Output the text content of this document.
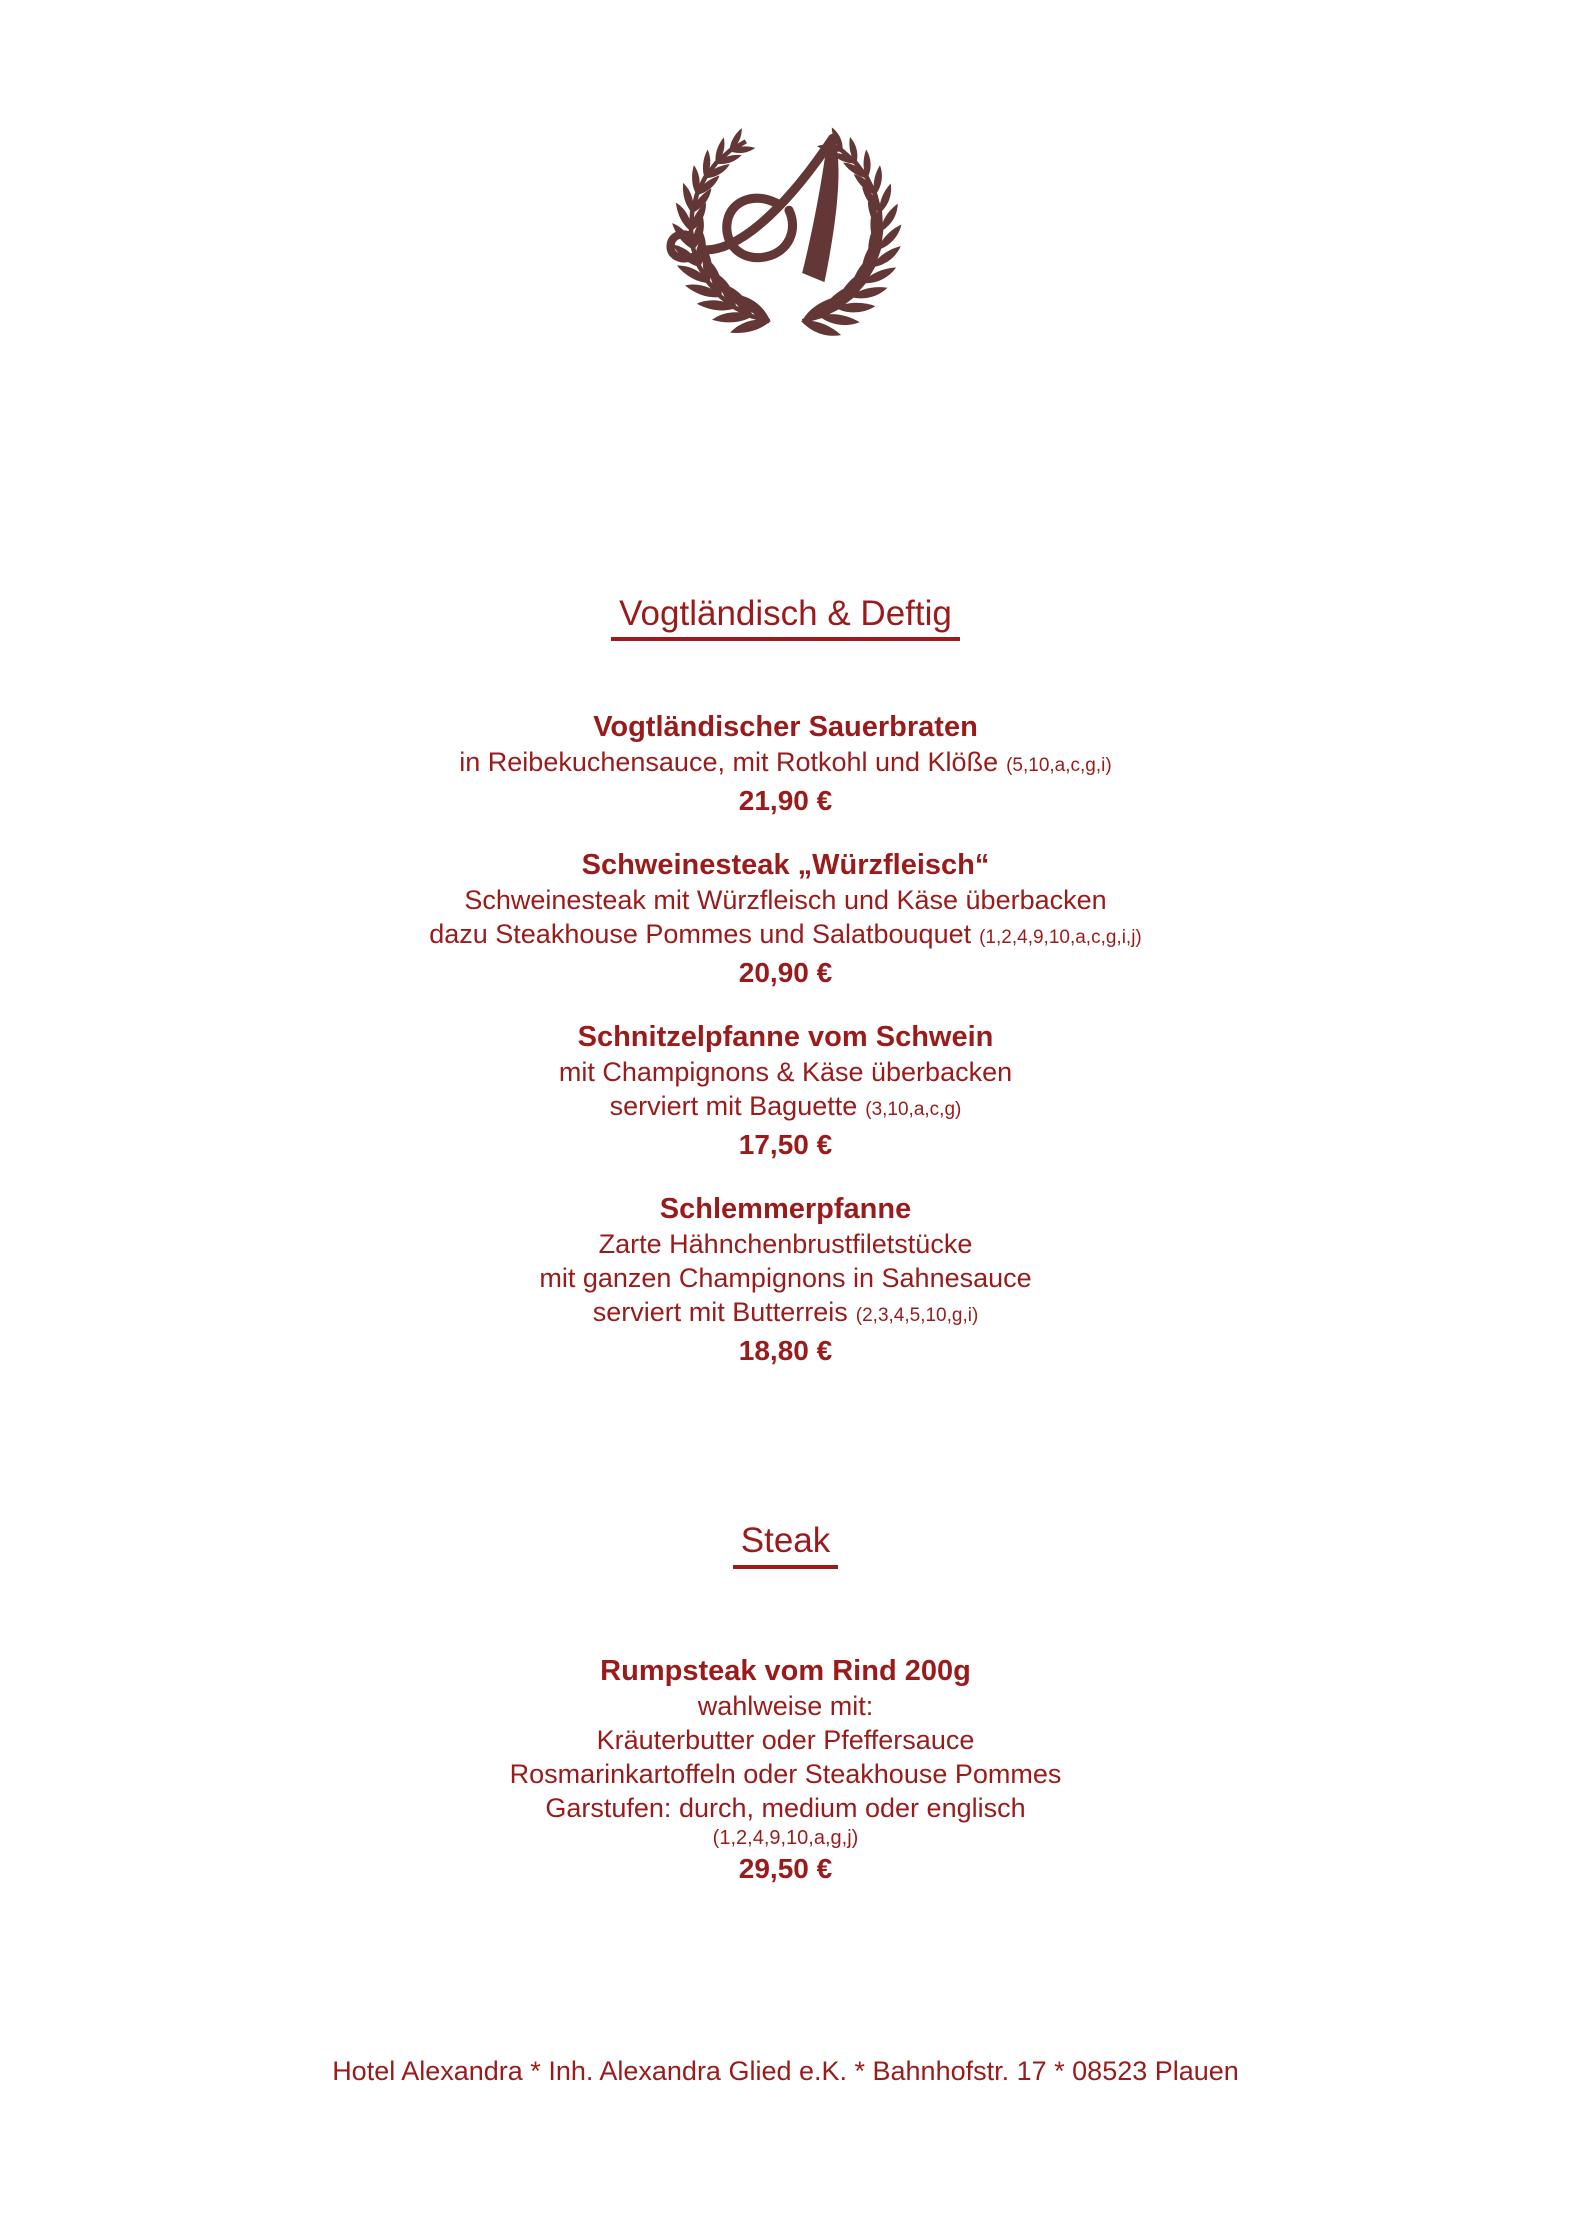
Vogtländisch & Deftig
Vogtländischer Sauerbraten
in Reibekuchensauce, mit Rotkohl und Klöße (5,10,a,c,g,i)
21,90 €
Schweinesteak „Würzfleisch“
Schweinesteak mit Würzfleisch und Käse überbacken
dazu Steakhouse Pommes und Salatbouquet (1,2,4,9,10,a,c,g,i,j)
20,90 €
Schnitzelpfanne vom Schwein
mit Champignons & Käse überbacken
serviert mit Baguette (3,10,a,c,g)
17,50 €
Schlemmerpfanne
Zarte Hähnchenbrustfiletstücke
mit ganzen Champignons in Sahnesauce
serviert mit Butterreis (2,3,4,5,10,g,i)
18,80 €
Steak
Rumpsteak vom Rind 200g
wahlweise mit:
Kräuterbutter oder Pfeffersauce
Rosmarinkartoffeln oder Steakhouse Pommes
Garstufen: durch, medium oder englisch
(1,2,4,9,10,a,g,j)
29,50 €
Hotel Alexandra * Inh. Alexandra Glied e.K. * Bahnhofstr. 17 * 08523 Plauen
